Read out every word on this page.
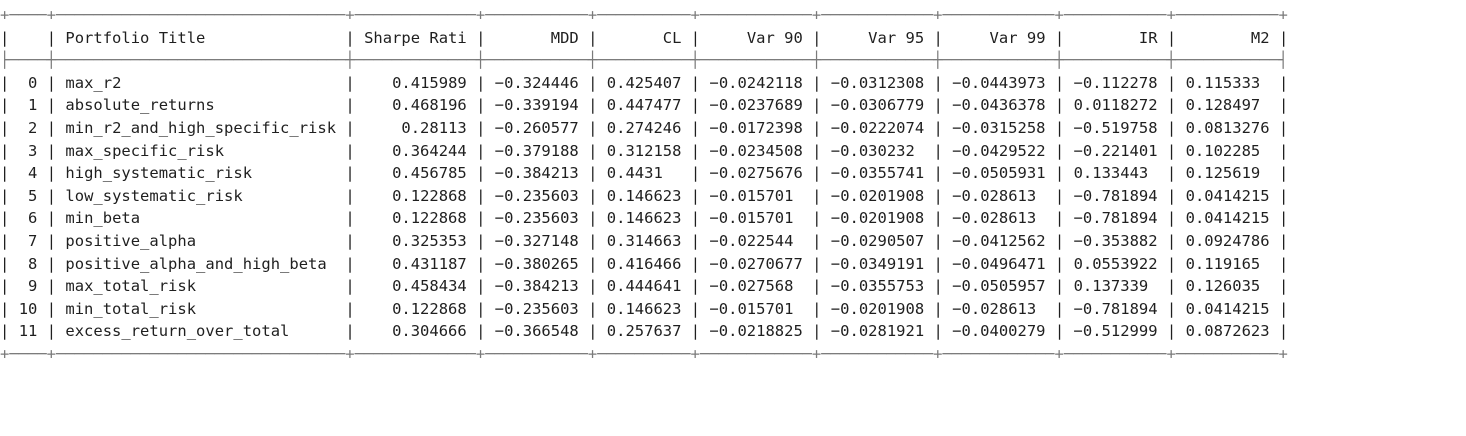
+────+───────────────────────────────+─────────────+───────────+──────────+────────────+────────────+────────────+───────────+───────────+
| | Portfolio Title	| Sharpe Rati |	MDD |	CL |	Var 90 |	Var 95 |	Var 99 |	IR |	M2 |
├────┼───────────────────────────────┼─────────────┼───────────┼──────────┼────────────┼────────────┼────────────┼───────────┼───────────┤
| 0 | max_r2	| 0.415989 | −0.324446 | 0.425407 | −0.0242118 | −0.0312308 | −0.0443973 | −0.112278 | 0.115333 |
| 1 | absolute_returns	| 0.468196 | −0.339194 | 0.447477 | −0.0237689 | −0.0306779 | −0.0436378 | 0.0118272 | 0.128497 |
| 2 | min_r2_and_high_specific_risk |	0.28113 | −0.260577 | 0.274246 | −0.0172398 | −0.0222074 | −0.0315258 | −0.519758 | 0.0813276 |
| 3 | max_specific_risk	| 0.364244 | −0.379188 | 0.312158 | −0.0234508 | −0.030232 | −0.0429522 | −0.221401 | 0.102285 |
| 4 | high_systematic_risk	| 0.456785 | −0.384213 | 0.4431 | −0.0275676 | −0.0355741 | −0.0505931 | 0.133443 | 0.125619 |
| 5 | low_systematic_risk	| 0.122868 | −0.235603 | 0.146623 | −0.015701 | −0.0201908 | −0.028613 | −0.781894 | 0.0414215 |
| 6 | min_beta	| 0.122868 | −0.235603 | 0.146623 | −0.015701 | −0.0201908 | −0.028613 | −0.781894 | 0.0414215 |
| 7 | positive_alpha	| 0.325353 | −0.327148 | 0.314663 | −0.022544 | −0.0290507 | −0.0412562 | −0.353882 | 0.0924786 |
| 8 | positive_alpha_and_high_beta | 0.431187 | −0.380265 | 0.416466 | −0.0270677 | −0.0349191 | −0.0496471 | 0.0553922 | 0.119165 |
| 9 | max_total_risk	| 0.458434 | −0.384213 | 0.444641 | −0.027568 | −0.0355753 | −0.0505957 | 0.137339 | 0.126035 |
| 10 | min_total_risk	| 0.122868 | −0.235603 | 0.146623 | −0.015701 | −0.0201908 | −0.028613 | −0.781894 | 0.0414215 |
| 11 | excess_return_over_total	| 0.304666 | −0.366548 | 0.257637 | −0.0218825 | −0.0281921 | −0.0400279 | −0.512999 | 0.0872623 |
+────+───────────────────────────────+─────────────+───────────+──────────+────────────+────────────+────────────+───────────+───────────+
